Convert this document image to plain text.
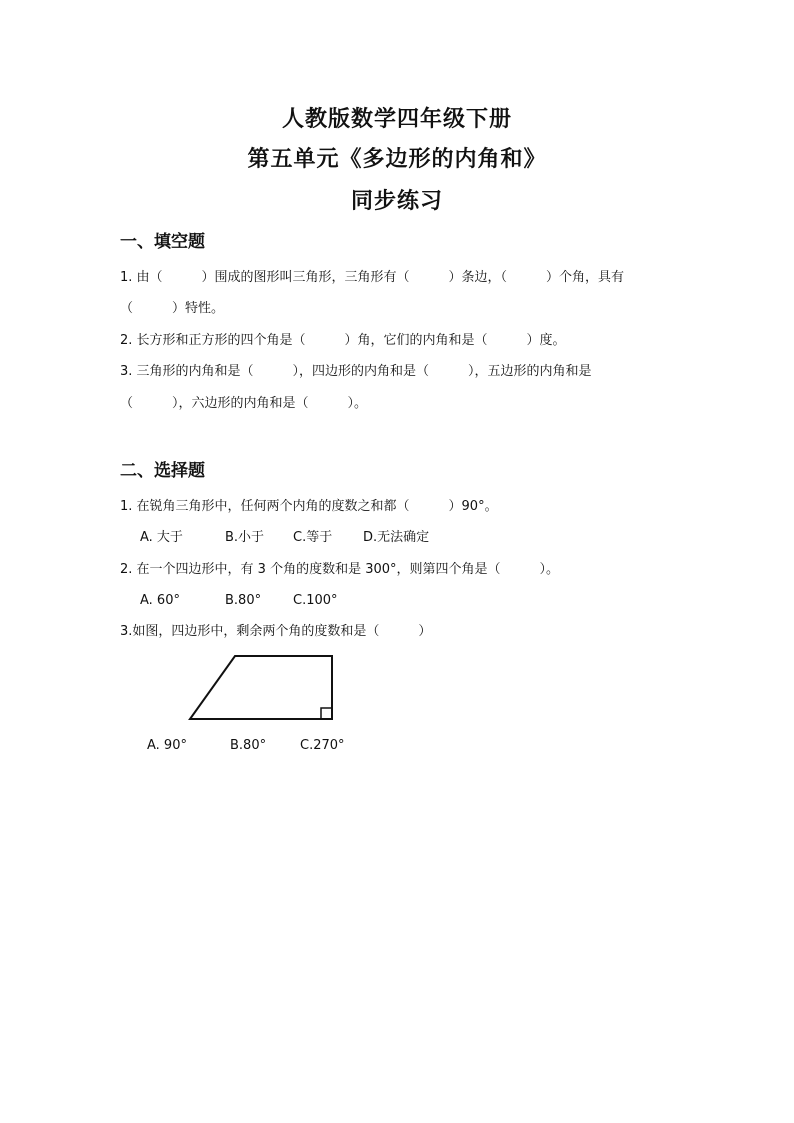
人教版数学四年级下册
第五单元《多边形的内角和》
同步练习
一、填空题
1. 由（　　　）围成的图形叫三角形，三角形有（　　　）条边，（　　　）个角，具有
（　　　）特性。
2. 长方形和正方形的四个角是（　　　）角，它们的内角和是（　　　）度。
3. 三角形的内角和是（　　　），四边形的内角和是（　　　），五边形的内角和是
（　　　），六边形的内角和是（　　　）。
二、选择题
1. 在锐角三角形中，任何两个内角的度数之和都（　　　）90°。
A. 大于	B.小于 C.等于 D.无法确定
2. 在一个四边形中，有 3 个角的度数和是 300°，则第四个角是（　　　）。
A. 60°	B.80° C.100°
3.如图，四边形中，剩余两个角的度数和是（　　　）
A. 90°	B.80°	C.270°
